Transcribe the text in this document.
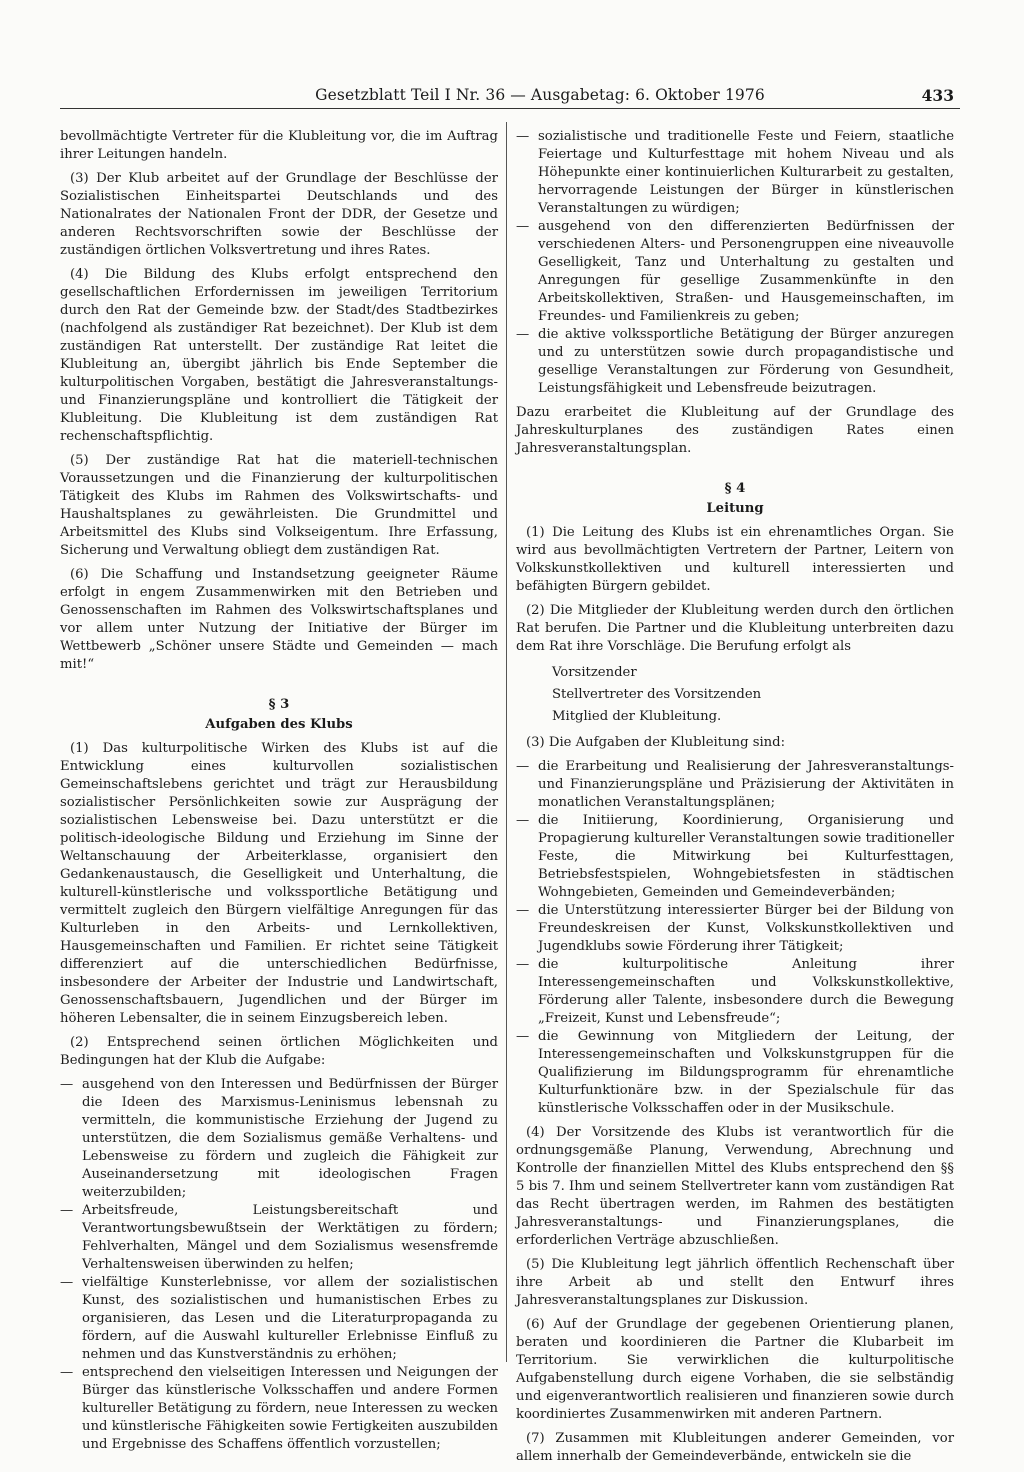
Gesetzblatt Teil I Nr. 36 — Ausgabetag: 6. Oktober 1976	433

bevollmächtigte Vertreter für die Klubleitung vor, die im Auftrag ihrer Leitungen handeln.

(3) Der Klub arbeitet auf der Grundlage der Beschlüsse der Sozialistischen Einheitspartei Deutschlands und des Nationalrates der Nationalen Front der DDR, der Gesetze und anderen Rechtsvorschriften sowie der Beschlüsse der zuständigen örtlichen Volksvertretung und ihres Rates.

(4) Die Bildung des Klubs erfolgt entsprechend den gesellschaftlichen Erfordernissen im jeweiligen Territorium durch den Rat der Gemeinde bzw. der Stadt/des Stadtbezirkes (nachfolgend als zuständiger Rat bezeichnet). Der Klub ist dem zuständigen Rat unterstellt. Der zuständige Rat leitet die Klubleitung an, übergibt jährlich bis Ende September die kulturpolitischen Vorgaben, bestätigt die Jahresveranstaltungs- und Finanzierungspläne und kontrolliert die Tätigkeit der Klubleitung. Die Klubleitung ist dem zuständigen Rat rechenschaftspflichtig.

(5) Der zuständige Rat hat die materiell-technischen Voraussetzungen und die Finanzierung der kulturpolitischen Tätigkeit des Klubs im Rahmen des Volkswirtschafts- und Haushaltsplanes zu gewährleisten. Die Grundmittel und Arbeitsmittel des Klubs sind Volkseigentum. Ihre Erfassung, Sicherung und Verwaltung obliegt dem zuständigen Rat.

(6) Die Schaffung und Instandsetzung geeigneter Räume erfolgt in engem Zusammenwirken mit den Betrieben und Genossenschaften im Rahmen des Volkswirtschaftsplanes und vor allem unter Nutzung der Initiative der Bürger im Wettbewerb „Schöner unsere Städte und Gemeinden — mach mit!“

§ 3
Aufgaben des Klubs

(1) Das kulturpolitische Wirken des Klubs ist auf die Entwicklung eines kulturvollen sozialistischen Gemeinschaftslebens gerichtet und trägt zur Herausbildung sozialistischer Persönlichkeiten sowie zur Ausprägung der sozialistischen Lebensweise bei. Dazu unterstützt er die politisch-ideologische Bildung und Erziehung im Sinne der Weltanschauung der Arbeiterklasse, organisiert den Gedankenaustausch, die Geselligkeit und Unterhaltung, die kulturell-künstlerische und volkssportliche Betätigung und vermittelt zugleich den Bürgern vielfältige Anregungen für das Kulturleben in den Arbeits- und Lernkollektiven, Hausgemeinschaften und Familien. Er richtet seine Tätigkeit differenziert auf die unterschiedlichen Bedürfnisse, insbesondere der Arbeiter der Industrie und Landwirtschaft, Genossenschaftsbauern, Jugendlichen und der Bürger im höheren Lebensalter, die in seinem Einzugsbereich leben.

(2) Entsprechend seinen örtlichen Möglichkeiten und Bedingungen hat der Klub die Aufgabe:

— ausgehend von den Interessen und Bedürfnissen der Bürger die Ideen des Marxismus-Leninismus lebensnah zu vermitteln, die kommunistische Erziehung der Jugend zu unterstützen, die dem Sozialismus gemäße Verhaltens- und Lebensweise zu fördern und zugleich die Fähigkeit zur Auseinandersetzung mit ideologischen Fragen weiterzubilden;
— Arbeitsfreude, Leistungsbereitschaft und Verantwortungsbewußtsein der Werktätigen zu fördern; Fehlverhalten, Mängel und dem Sozialismus wesensfremde Verhaltensweisen überwinden zu helfen;
— vielfältige Kunsterlebnisse, vor allem der sozialistischen Kunst, des sozialistischen und humanistischen Erbes zu organisieren, das Lesen und die Literaturpropaganda zu fördern, auf die Auswahl kultureller Erlebnisse Einfluß zu nehmen und das Kunstverständnis zu erhöhen;
— entsprechend den vielseitigen Interessen und Neigungen der Bürger das künstlerische Volksschaffen und andere Formen kultureller Betätigung zu fördern, neue Interessen zu wecken und künstlerische Fähigkeiten sowie Fertigkeiten auszubilden und Ergebnisse des Schaffens öffentlich vorzustellen;
— sozialistische und traditionelle Feste und Feiern, staatliche Feiertage und Kulturfesttage mit hohem Niveau und als Höhepunkte einer kontinuierlichen Kulturarbeit zu gestalten, hervorragende Leistungen der Bürger in künstlerischen Veranstaltungen zu würdigen;
— ausgehend von den differenzierten Bedürfnissen der verschiedenen Alters- und Personengruppen eine niveauvolle Geselligkeit, Tanz und Unterhaltung zu gestalten und Anregungen für gesellige Zusammenkünfte in den Arbeitskollektiven, Straßen- und Hausgemeinschaften, im Freundes- und Familienkreis zu geben;
— die aktive volkssportliche Betätigung der Bürger anzuregen und zu unterstützen sowie durch propagandistische und gesellige Veranstaltungen zur Förderung von Gesundheit, Leistungsfähigkeit und Lebensfreude beizutragen.

Dazu erarbeitet die Klubleitung auf der Grundlage des Jahreskulturplanes des zuständigen Rates einen Jahresveranstaltungsplan.

§ 4
Leitung

(1) Die Leitung des Klubs ist ein ehrenamtliches Organ. Sie wird aus bevollmächtigten Vertretern der Partner, Leitern von Volkskunstkollektiven und kulturell interessierten und befähigten Bürgern gebildet.

(2) Die Mitglieder der Klubleitung werden durch den örtlichen Rat berufen. Die Partner und die Klubleitung unterbreiten dazu dem Rat ihre Vorschläge. Die Berufung erfolgt als

Vorsitzender
Stellvertreter des Vorsitzenden
Mitglied der Klubleitung.

(3) Die Aufgaben der Klubleitung sind:

— die Erarbeitung und Realisierung der Jahresveranstaltungs- und Finanzierungspläne und Präzisierung der Aktivitäten in monatlichen Veranstaltungsplänen;
— die Initiierung, Koordinierung, Organisierung und Propagierung kultureller Veranstaltungen sowie traditioneller Feste, die Mitwirkung bei Kulturfesttagen, Betriebsfestspielen, Wohngebietsfesten in städtischen Wohngebieten, Gemeinden und Gemeindeverbänden;
— die Unterstützung interessierter Bürger bei der Bildung von Freundeskreisen der Kunst, Volkskunstkollektiven und Jugendklubs sowie Förderung ihrer Tätigkeit;
— die kulturpolitische Anleitung ihrer Interessengemeinschaften und Volkskunstkollektive, Förderung aller Talente, insbesondere durch die Bewegung „Freizeit, Kunst und Lebensfreude“;
— die Gewinnung von Mitgliedern der Leitung, der Interessengemeinschaften und Volkskunstgruppen für die Qualifizierung im Bildungsprogramm für ehrenamtliche Kulturfunktionäre bzw. in der Spezialschule für das künstlerische Volksschaffen oder in der Musikschule.

(4) Der Vorsitzende des Klubs ist verantwortlich für die ordnungsgemäße Planung, Verwendung, Abrechnung und Kontrolle der finanziellen Mittel des Klubs entsprechend den §§ 5 bis 7. Ihm und seinem Stellvertreter kann vom zuständigen Rat das Recht übertragen werden, im Rahmen des bestätigten Jahresveranstaltungs- und Finanzierungsplanes, die erforderlichen Verträge abzuschließen.

(5) Die Klubleitung legt jährlich öffentlich Rechenschaft über ihre Arbeit ab und stellt den Entwurf ihres Jahresveranstaltungsplanes zur Diskussion.

(6) Auf der Grundlage der gegebenen Orientierung planen, beraten und koordinieren die Partner die Klubarbeit im Territorium. Sie verwirklichen die kulturpolitische Aufgabenstellung durch eigene Vorhaben, die sie selbständig und eigenverantwortlich realisieren und finanzieren sowie durch koordiniertes Zusammenwirken mit anderen Partnern.

(7) Zusammen mit Klubleitungen anderer Gemeinden, vor allem innerhalb der Gemeindeverbände, entwickeln sie die
